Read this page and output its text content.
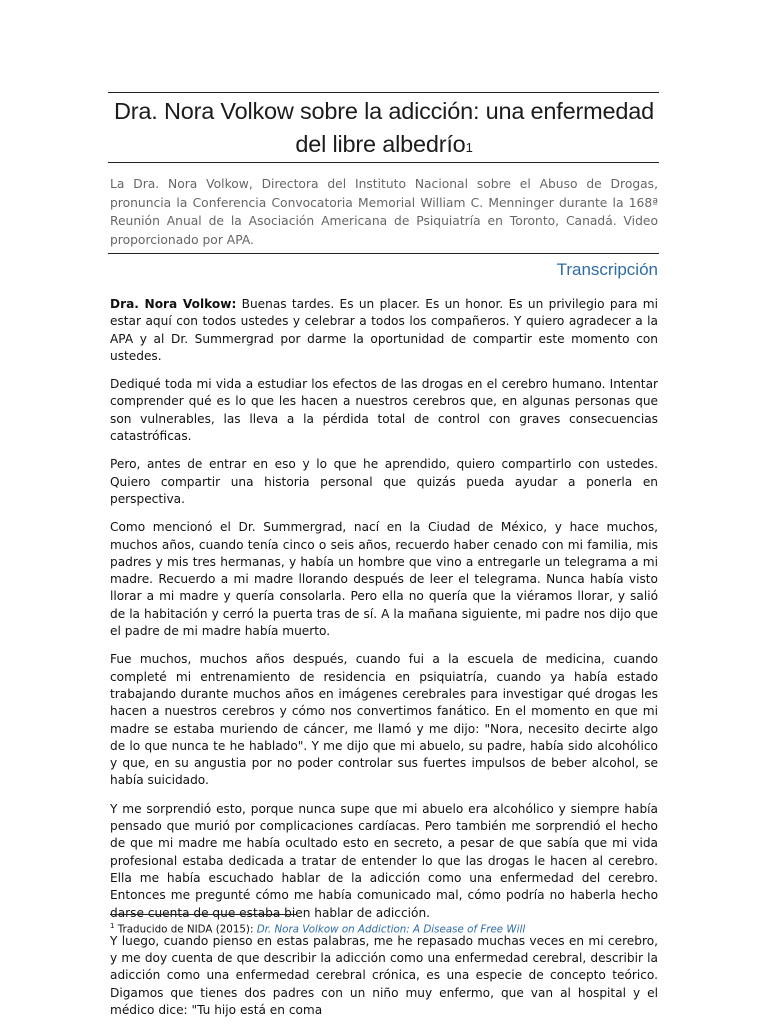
Dra. Nora Volkow sobre la adicción: una enfermedad del libre albedrío$^1$
La Dra. Nora Volkow, Directora del Instituto Nacional sobre el Abuso de Drogas, pronuncia la Conferencia Convocatoria Memorial William C. Menninger durante la 168ª Reunión Anual de la Asociación Americana de Psiquiatría en Toronto, Canadá. Video proporcionado por APA.
Transcripción

Dra. Nora Volkow: Buenas tardes. Es un placer. Es un honor. Es un privilegio para mi estar aquí con todos ustedes y celebrar a todos los compañeros. Y quiero agradecer a la APA y al Dr. Summergrad por darme la oportunidad de compartir este momento con ustedes.

Dediqué toda mi vida a estudiar los efectos de las drogas en el cerebro humano. Intentar comprender qué es lo que les hacen a nuestros cerebros que, en algunas personas que son vulnerables, las lleva a la pérdida total de control con graves consecuencias catastróficas.

Pero, antes de entrar en eso y lo que he aprendido, quiero compartirlo con ustedes. Quiero compartir una historia personal que quizás pueda ayudar a ponerla en perspectiva.

Como mencionó el Dr. Summergrad, nací en la Ciudad de México, y hace muchos, muchos años, cuando tenía cinco o seis años, recuerdo haber cenado con mi familia, mis padres y mis tres hermanas, y había un hombre que vino a entregarle un telegrama a mi madre. Recuerdo a mi madre llorando después de leer el telegrama. Nunca había visto llorar a mi madre y quería consolarla. Pero ella no quería que la viéramos llorar, y salió de la habitación y cerró la puerta tras de sí. A la mañana siguiente, mi padre nos dijo que el padre de mi madre había muerto.

Fue muchos, muchos años después, cuando fui a la escuela de medicina, cuando completé mi entrenamiento de residencia en psiquiatría, cuando ya había estado trabajando durante muchos años en imágenes cerebrales para investigar qué drogas les hacen a nuestros cerebros y cómo nos convertimos fanático. En el momento en que mi madre se estaba muriendo de cáncer, me llamó y me dijo: "Nora, necesito decirte algo de lo que nunca te he hablado". Y me dijo que mi abuelo, su padre, había sido alcohólico y que, en su angustia por no poder controlar sus fuertes impulsos de beber alcohol, se había suicidado.

Y me sorprendió esto, porque nunca supe que mi abuelo era alcohólico y siempre había pensado que murió por complicaciones cardíacas. Pero también me sorprendió el hecho de que mi madre me había ocultado esto en secreto, a pesar de que sabía que mi vida profesional estaba dedicada a tratar de entender lo que las drogas le hacen al cerebro. Ella me había escuchado hablar de la adicción como una enfermedad del cerebro. Entonces me pregunté cómo me había comunicado mal, cómo podría no haberla hecho darse cuenta de que estaba bien hablar de adicción.

Y luego, cuando pienso en estas palabras, me he repasado muchas veces en mi cerebro, y me doy cuenta de que describir la adicción como una enfermedad cerebral, describir la adicción como una enfermedad cerebral crónica, es una especie de concepto teórico. Digamos que tienes dos padres con un niño muy enfermo, que van al hospital y el médico dice: "Tu hijo está en coma

$^1$ Traducido de NIDA (2015): Dr. Nora Volkow on Addiction: A Disease of Free Will
